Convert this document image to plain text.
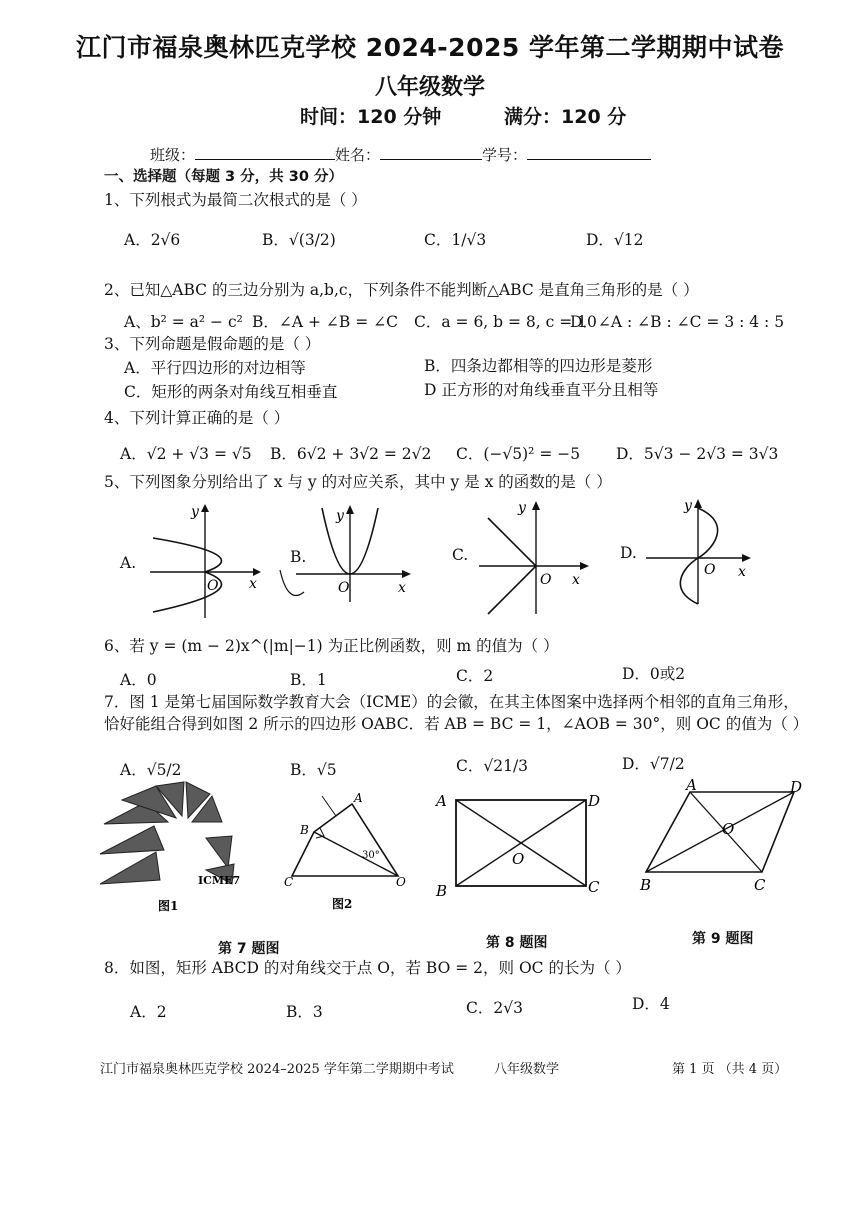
江门市福泉奥林匹克学校 2024-2025 学年第二学期期中试卷
八年级数学
时间：120 分钟	满分：120 分
班级：	姓名：	学号：
一、选择题（每题 3 分，共 30 分）
1、下列根式为最简二次根式的是（ ）
A．2√6	B．√(3/2)	C．1/√3	D．√12
2、已知△ABC 的三边分别为 a,b,c，下列条件不能判断△ABC 是直角三角形的是（ ）
A、b² = a² − c² B．∠A + ∠B = ∠C C．a = 6, b = 8, c = 10
D．∠A : ∠B : ∠C = 3 : 4 : 5
3、下列命题是假命题的是（ ）
A．平行四边形的对边相等	B．四条边都相等的四边形是菱形
C．矩形的两条对角线互相垂直	D 正方形的对角线垂直平分且相等
4、下列计算正确的是（ ）
A．√2 + √3 = √5 B．6√2 + 3√2 = 2√2 C．(−√5)² = −5 D．5√3 − 2√3 = 3√3
5、下列图象分别给出了 x 与 y 的对应关系，其中 y 是 x 的函数的是（ ）
A.
y
x
O
B.
y
x
O
C.
y
x
O
D.
y
x
O
6、若 y = (m − 2)x^(|m|−1) 为正比例函数，则 m 的值为（ ）
A．0	B．1	C．2	D．0或2
7．图 1 是第七届国际数学教育大会（ICME）的会徽，在其主体图案中选择两个相邻的直角三角形，
恰好能组合得到如图 2 所示的四边形 OABC．若 AB = BC = 1，∠AOB = 30°，则 OC 的值为（ ）
A．√5/2	B．√5	C．√21/3	D．√7/2
ICME7
图1
A
B
C	O
30°
图2
A	D
B	C
O
A	D
B	C
O
第 7 题图	第 8 题图	第 9 题图
8．如图，矩形 ABCD 的对角线交于点 O，若 BO = 2，则 OC 的长为（ ）
A．2	B．3	C．2√3	D．4
江门市福泉奥林匹克学校 2024–2025 学年第二学期期中考试	八年级数学	第 1 页 （共 4 页）
